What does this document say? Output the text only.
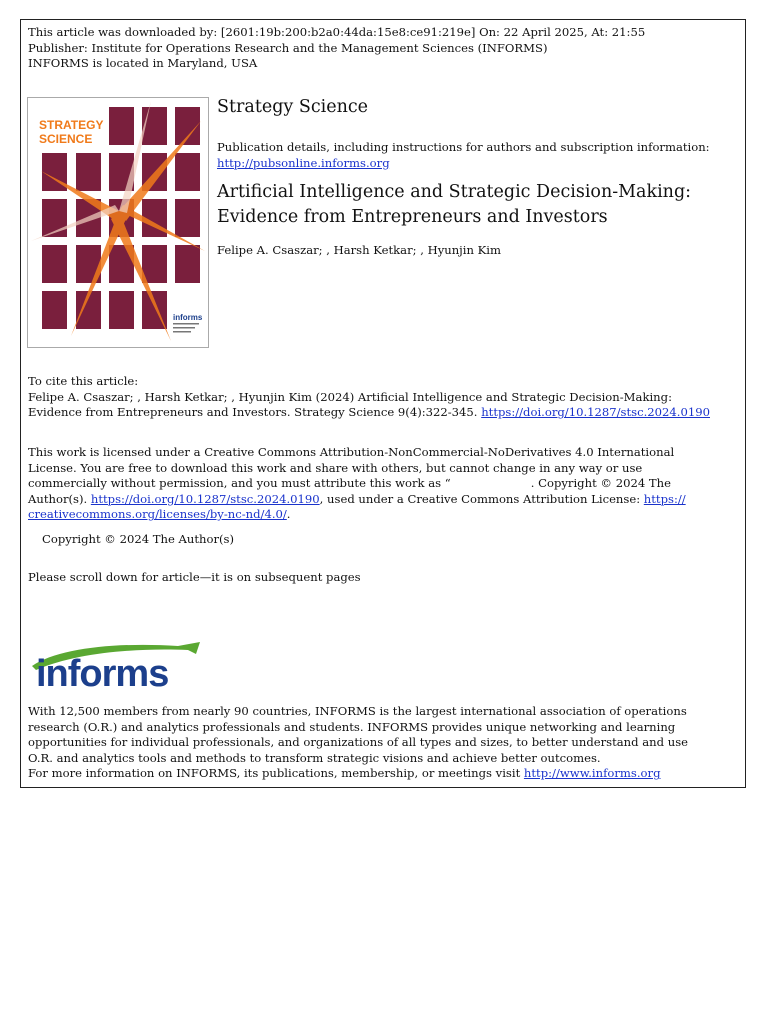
This article was downloaded by: [2601:19b:200:b2a0:44da:15e8:ce91:219e] On: 22 April 2025, At: 21:55
Publisher: Institute for Operations Research and the Management Sciences (INFORMS)
INFORMS is located in Maryland, USA
STRATEGY
SCIENCE
informs
Strategy Science
Publication details, including instructions for authors and subscription information:
http://pubsonline.informs.org
Artificial Intelligence and Strategic Decision-Making:
Evidence from Entrepreneurs and Investors
Felipe A. Csaszar; , Harsh Ketkar; , Hyunjin Kim
To cite this article:
Felipe A. Csaszar; , Harsh Ketkar; , Hyunjin Kim (2024) Artificial Intelligence and Strategic Decision-Making:
Evidence from Entrepreneurs and Investors. Strategy Science 9(4):322-345. https://doi.org/10.1287/stsc.2024.0190
This work is licensed under a Creative Commons Attribution-NonCommercial-NoDerivatives 4.0 International
License. You are free to download this work and share with others, but cannot change in any way or use
commercially without permission, and you must attribute this work as “	. Copyright © 2024 The
Author(s). https://doi.org/10.1287/stsc.2024.0190, used under a Creative Commons Attribution License: https://
creativecommons.org/licenses/by-nc-nd/4.0/.
Copyright © 2024 The Author(s)
Please scroll down for article—it is on subsequent pages
informs
With 12,500 members from nearly 90 countries, INFORMS is the largest international association of operations
research (O.R.) and analytics professionals and students. INFORMS provides unique networking and learning
opportunities for individual professionals, and organizations of all types and sizes, to better understand and use
O.R. and analytics tools and methods to transform strategic visions and achieve better outcomes.
For more information on INFORMS, its publications, membership, or meetings visit http://www.informs.org
